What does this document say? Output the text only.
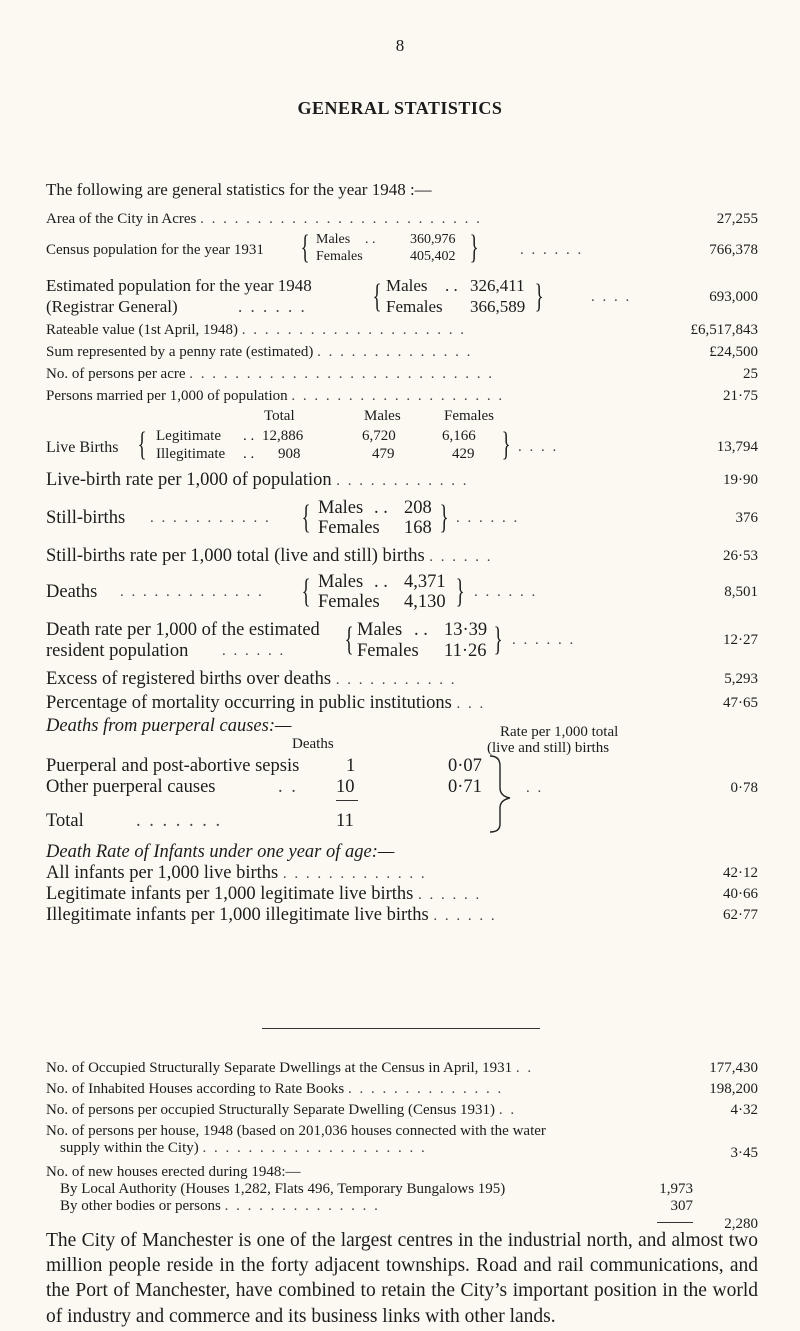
8
GENERAL STATISTICS
The following are general statistics for the year 1948 :—
Area of the City in Acres . . . . . . . . . . . . . . . . . . . . . . . . .	27,255
Census population for the year 1931 { Males . . 360,976
Females	405,402 }	. . . . . .	766,378
Estimated population for the year 1948
(Registrar General)	. . . . . . { Males . . 326,411
Females 366,589 }	. . . .	693,000
Rateable value (1st April, 1948) . . . . . . . . . . . . . . . . . . . .	£6,517,843
Sum represented by a penny rate (estimated) . . . . . . . . . . . . . .	£24,500
No. of persons per acre . . . . . . . . . . . . . . . . . . . . . . . . . . .	25
Persons married per 1,000 of population . . . . . . . . . . . . . . . . . . .	21·75
Total	Males	Females
Live Births { Legitimate . . 12,886	6,720	6,166
Illegitimate . . 908	479	429 } . . . .	13,794
Live-birth rate per 1,000 of population . . . . . . . . . . . .	19·90
Still-births . . . . . . . . . . . { Males . . 208
Females 168 } . . . . . .	376
Still-births rate per 1,000 total (live and still) births . . . . . .	26·53
Deaths . . . . . . . . . . . . . { Males . . 4,371
Females 4,130 } . . . . . .	8,501
Death rate per 1,000 of the estimated
resident population . . . . . . { Males . . 13·39
Females 11·26 } . . . . . .	12·27
Excess of registered births over deaths . . . . . . . . . . .	5,293
Percentage of mortality occurring in public institutions . . .	47·65
Deaths from puerperal causes:—	Rate per 1,000 total
Deaths	(live and still) births
Puerperal and post-abortive sepsis	1	0·07
Other puerperal causes	. . 10	0·71
Total	. . . . . . .	11
. .	0·78
Death Rate of Infants under one year of age:—
All infants per 1,000 live births . . . . . . . . . . . . .	42·12
Legitimate infants per 1,000 legitimate live births . . . . . .	40·66
Illegitimate infants per 1,000 illegitimate live births . . . . . .	62·77
No. of Occupied Structurally Separate Dwellings at the Census in April, 1931 . .	177,430
No. of Inhabited Houses according to Rate Books . . . . . . . . . . . . . .	198,200
No. of persons per occupied Structurally Separate Dwelling (Census 1931) . .	4·32
No. of persons per house, 1948 (based on 201,036 houses connected with the water
supply within the City) . . . . . . . . . . . . . . . . . . . .	3·45
No. of new houses erected during 1948:—
By Local Authority (Houses 1,282, Flats 496, Temporary Bungalows 195)	1,973
By other bodies or persons . . . . . . . . . . . . . .	307
2,280
The City of Manchester is one of the largest centres in the industrial north, and almost two million people reside in the forty adjacent townships. Road and rail communications, and the Port of Manchester, have combined to retain the City’s important position in the world of industry and commerce and its business links with other lands.
